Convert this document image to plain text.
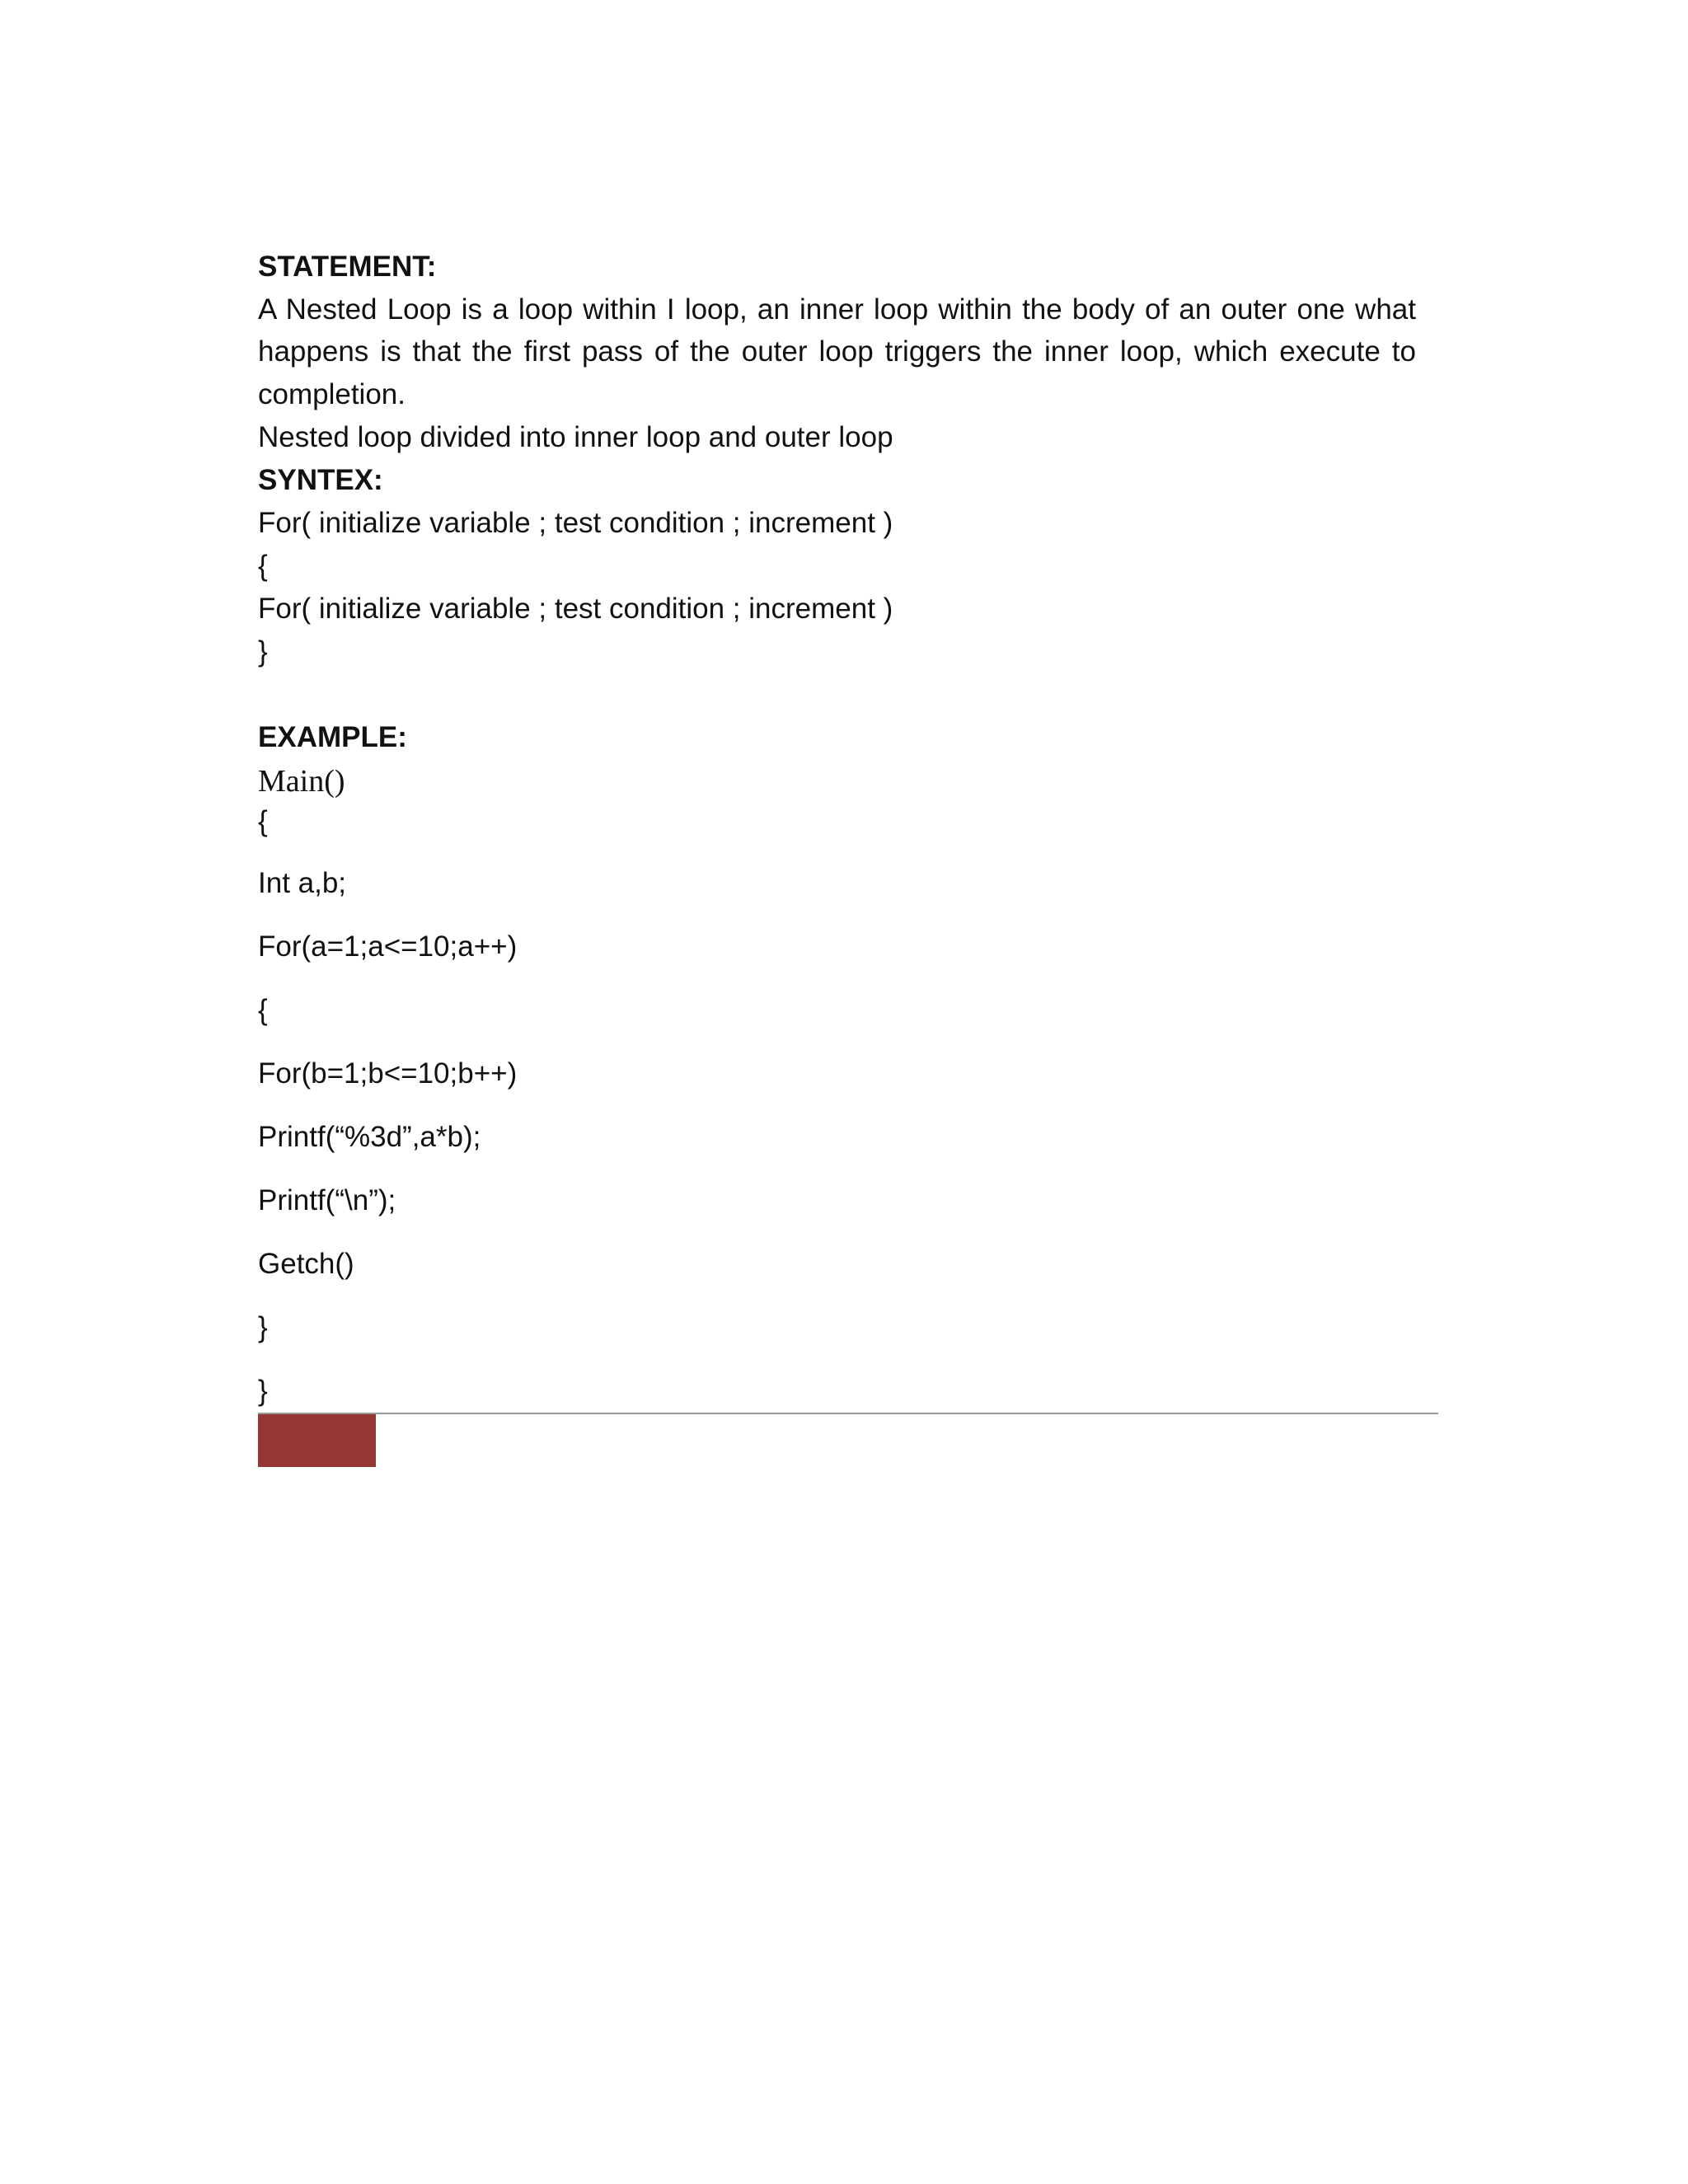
STATEMENT:
A Nested Loop is a loop within I loop, an inner loop within the body of an outer one what
happens is that the first pass of the outer loop triggers the inner loop, which execute to
completion.
Nested loop divided into inner loop and outer loop
SYNTEX:
For( initialize variable ; test condition ; increment )
{
For( initialize variable ; test condition ; increment )
}
EXAMPLE:
Main()
{
Int a,b;
For(a=1;a<=10;a++)
{
For(b=1;b<=10;b++)
Printf(“%3d”,a*b);
Printf(“\n”);
Getch()
}
}
